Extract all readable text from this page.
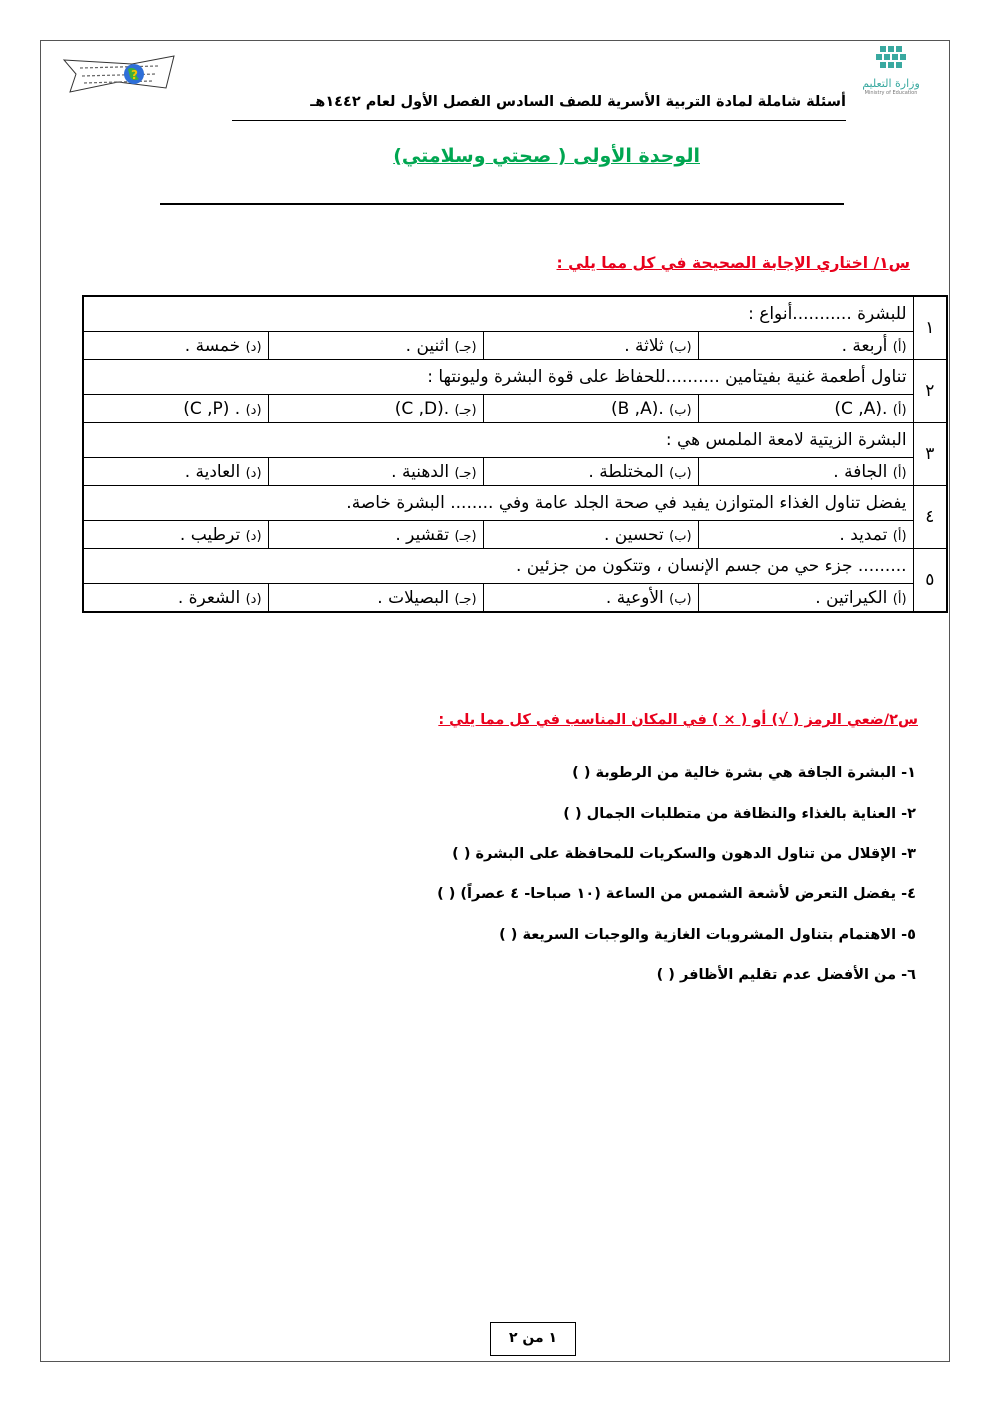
?
وزارة التعليم
Ministry of Education
أسئلة شاملة لمادة التربية الأسرية للصف السادس الفصل الأول لعام ١٤٤٢هـ
الوحدة الأولى ( صحتي وسلامتي)
س١/ اختاري الإجابة الصحيحة في كل مما يلي :
١	للبشرة ...........أنواع :			
	(أ) أربعة .	(ب) ثلاثة .	(جـ) اثنين .	(د) خمسة .
٢	تناول أطعمة غنية بفيتامين ..........للحفاظ على قوة البشرة وليونتها :			
	(أ) (C ,A).	(ب) (B ,A).	(جـ) (C ,D).	(د) (C ,P) .
٣	البشرة الزيتية لامعة الملمس هي :			
	(أ) الجافة .	(ب) المختلطة .	(جـ) الدهنية .	(د) العادية .
٤	يفضل تناول الغذاء المتوازن يفيد في صحة الجلد عامة وفي ........ البشرة خاصة.			
	(أ) تمديد .	(ب) تحسين .	(جـ) تقشير .	(د) ترطيب .
٥	......... جزء حي من جسم الإنسان ، وتتكون من جزئين .			
	(أ) الكيراتين .	(ب) الأوعية .	(جـ) البصيلات .	(د) الشعرة .
س٢/ضعي الرمز ( √) أو ( × ) في المكان المناسب في كل مما يلي :
١- البشرة الجافة هي بشرة خالية من الرطوبة ( )
٢- العناية بالغذاء والنظافة من متطلبات الجمال ( )
٣- الإقلال من تناول الدهون والسكريات للمحافظة على البشرة ( )
٤- يفضل التعرض لأشعة الشمس من الساعة (١٠ صباحا- ٤ عصراً) ( )
٥- الاهتمام بتناول المشروبات الغازية والوجبات السريعة ( )
٦- من الأفضل عدم تقليم الأظافر ( )
١ من ٢
